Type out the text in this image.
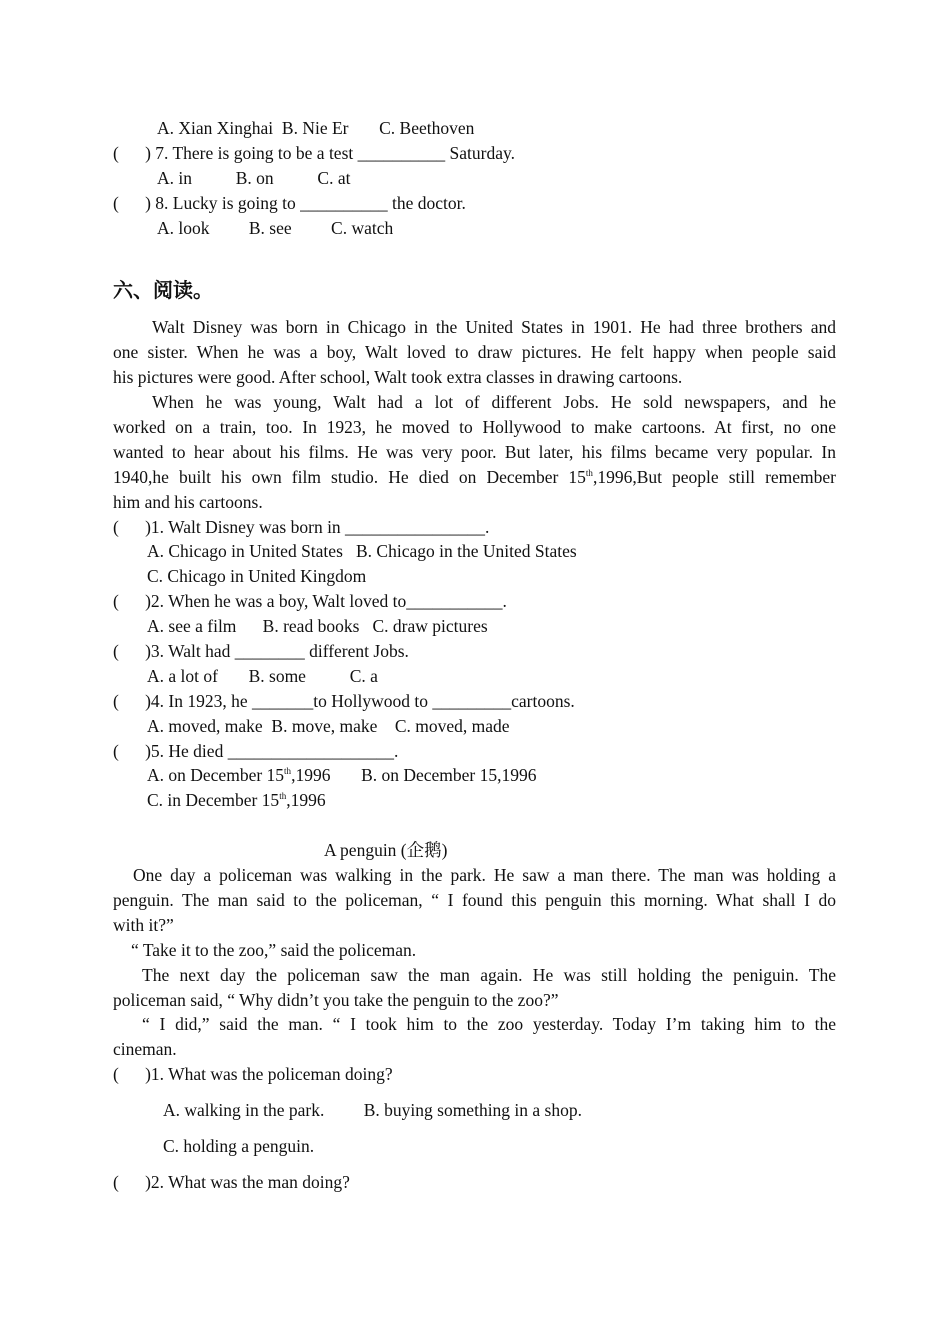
A. Xian Xinghai  B. Nie Er       C. Beethoven
(      ) 7. There is going to be a test __________ Saturday.
A. in          B. on          C. at
(      ) 8. Lucky is going to __________ the doctor.
A. look         B. see         C. watch
六、阅读。
Walt Disney was born in Chicago in the United States in 1901. He had three brothers and
one sister. When he was a boy, Walt loved to draw pictures. He felt happy when people said
his pictures were good. After school, Walt took extra classes in drawing cartoons.
When he was young, Walt had a lot of different Jobs. He sold newspapers, and he
worked on a train, too. In 1923, he moved to Hollywood to make cartoons. At first, no one
wanted to hear about his films. He was very poor. But later, his films became very popular. In
1940,he built his own film studio. He died on December 15th,1996,But people still remember
him and his cartoons.
(      )1. Walt Disney was born in ________________.
A. Chicago in United States   B. Chicago in the United States
C. Chicago in United Kingdom
(      )2. When he was a boy, Walt loved to___________.
A. see a film      B. read books   C. draw pictures
(      )3. Walt had ________ different Jobs.
A. a lot of       B. some          C. a
(      )4. In 1923, he _______to Hollywood to _________cartoons.
A. moved, make  B. move, make    C. moved, made
(      )5. He died ___________________.
A. on December 15th,1996       B. on December 15,1996
C. in December 15th,1996
A penguin (企鹅)
One day a policeman was walking in the park. He saw a man there. The man was holding a
penguin. The man said to the policeman, “ I found this penguin this morning. What shall I do
with it?”
“ Take it to the zoo,” said the policeman.
The next day the policeman saw the man again. He was still holding the peniguin. The
policeman said, “ Why didn’t you take the penguin to the zoo?”
“ I did,” said the man. “ I took him to the zoo yesterday. Today I’m taking him to the
cineman.
(      )1. What was the policeman doing?
A. walking in the park.         B. buying something in a shop.
C. holding a penguin.
(      )2. What was the man doing?
